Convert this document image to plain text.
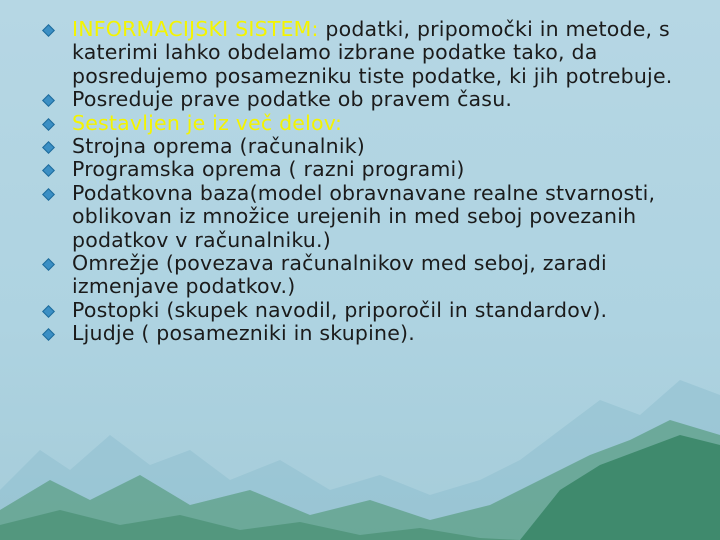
INFORMACIJSKI SISTEM: podatki, pripomočki in metode, s katerimi lahko obdelamo izbrane podatke tako, da posredujemo posamezniku tiste podatke, ki jih potrebuje.
Posreduje prave podatke ob pravem času.
Sestavljen je iz več delov:
Strojna oprema (računalnik)
Programska oprema ( razni programi)
Podatkovna baza(model obravnavane realne stvarnosti, oblikovan iz množice urejenih in med seboj povezanih podatkov v računalniku.)
Omrežje (povezava računalnikov med seboj, zaradi izmenjave podatkov.)
Postopki (skupek navodil, priporočil in standardov).
Ljudje ( posamezniki in skupine).
